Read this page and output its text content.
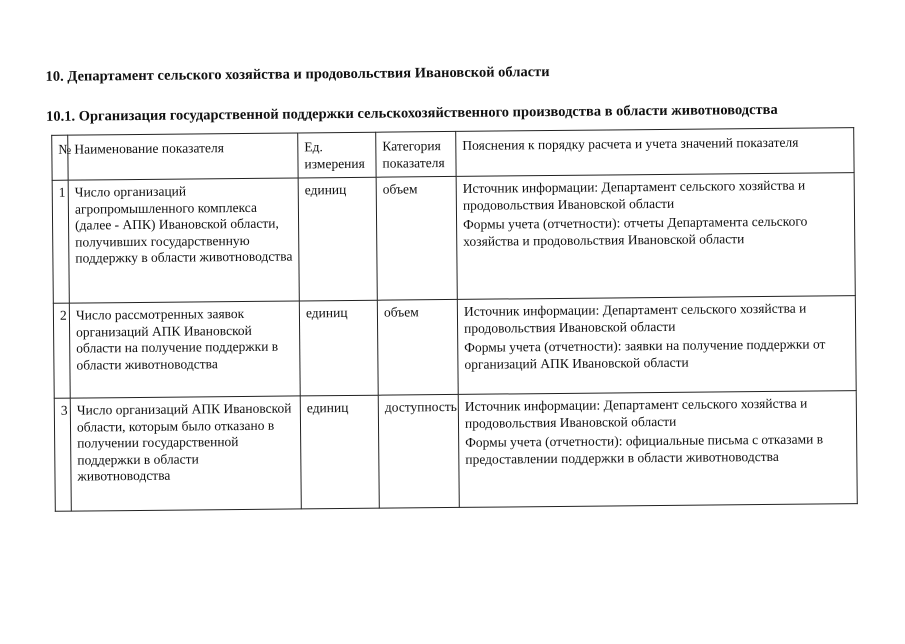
10. Департамент сельского хозяйства и продовольствия Ивановской области
10.1. Организация государственной поддержки сельскохозяйственного производства в области животноводства
№	Наименование показателя	Ед. измерения	Категория показателя	Пояснения к порядку расчета и учета значений показателя
1	Число организаций агропромышленного комплекса (далее - АПК) Ивановской области, получивших государственную поддержку в области животноводства	единиц	объем	Источник информации: Департамент сельского хозяйства и продовольствия Ивановской области
Формы учета (отчетности): отчеты Департамента сельского хозяйства и продовольствия Ивановской области

2	Число рассмотренных заявок организаций АПК Ивановской области на получение поддержки в области животноводства	единиц	объем	Источник информации: Департамент сельского хозяйства и продовольствия Ивановской области
Формы учета (отчетности): заявки на получение поддержки от организаций АПК Ивановской области

3	Число организаций АПК Ивановской области, которым было отказано в получении государственной поддержки в области животноводства	единиц	доступность	Источник информации: Департамент сельского хозяйства и продовольствия Ивановской области
Формы учета (отчетности): официальные письма с отказами в предоставлении поддержки в области животноводства
